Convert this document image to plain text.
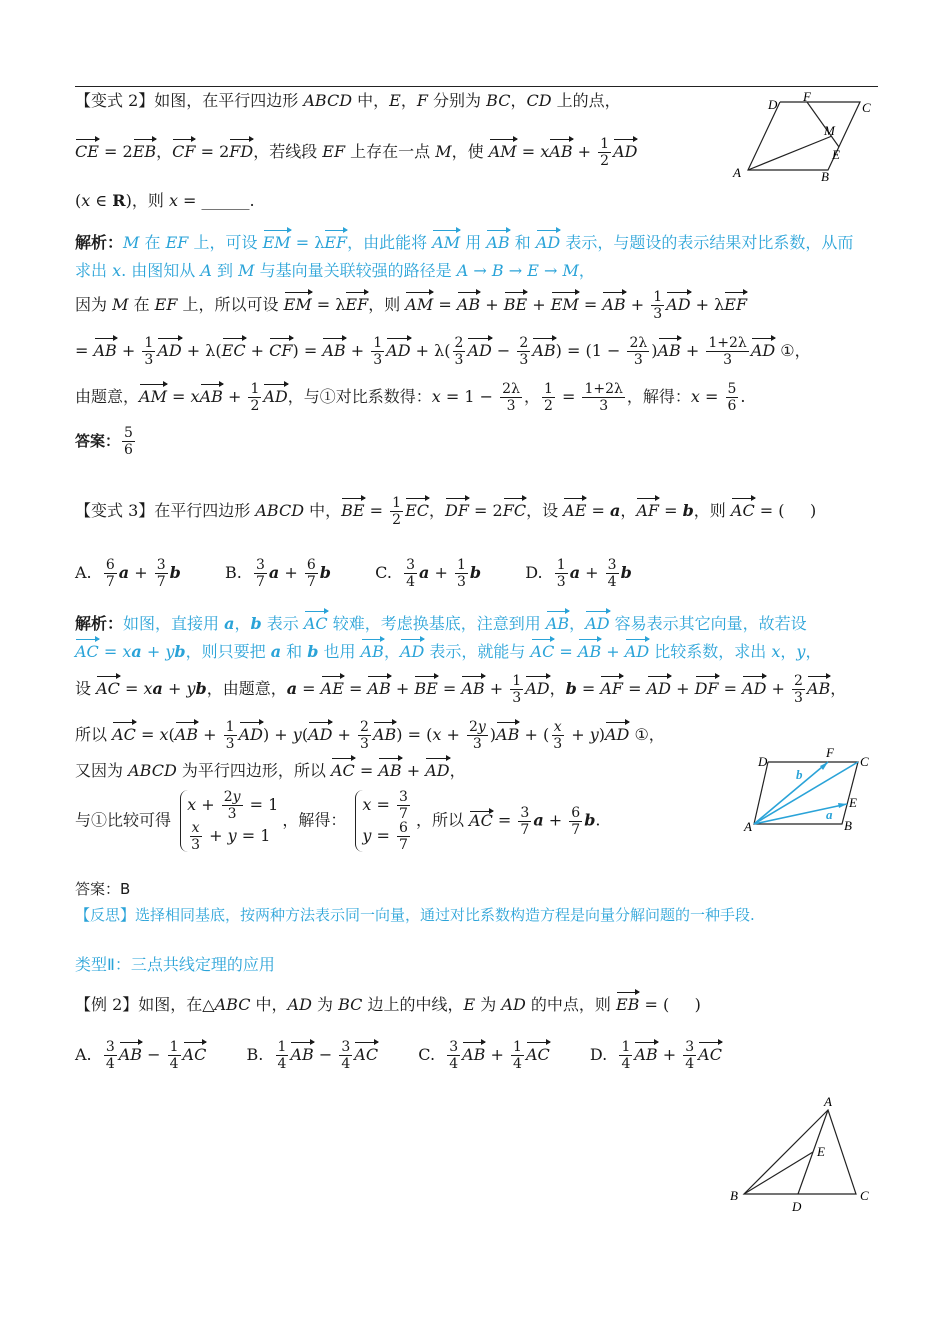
【变式 2】如图，在平行四边形 ABCD 中，E，F 分别为 BC，CD 上的点，
CE = 2EB，CF = 2FD，若线段 EF 上存在一点 M，使 AM = xAB + $\frac{1}{2}$ AD
(x ∈ R)，则 x = ______.
D
F
C
M
E
A	B
解析：M 在 EF 上，可设 EM = λEF，由此能将 AM 用 AB 和 AD 表示，与题设的表示结果对比系数，从而
求出 x. 由图知从 A 到 M 与基向量关联较强的路径是 A → B → E → M，
因为 M 在 EF 上，所以可设 EM = λEF，则 AM = AB + BE + EM = AB + $\frac{1}{3}$ AD + λEF
= AB + $\frac{1}{3}$ AD + λ(EC + CF) = AB + $\frac{1}{3}$ AD + $\lambda( \frac{2}{3}$ AD − $\frac{2}{3} AB) = (1 - \frac{2\lambda}{3} )AB + \frac{1+2\lambda}{3}$ AD ①，
由题意，AM = xAB + $\frac{1}{2}$ AD，与①对比系数得：$x = 1 - \frac{2\lambda}{3}$ ， $\frac{1}{2} = \frac{1+2\lambda}{3}$ ，解得：$x = \frac{5}{6}$ .
答案： $\frac{5}{6}$
【变式 3】在平行四边形 ABCD 中，BE = $\frac{1}{2}$ EC，DF = 2FC，设 AE = a，AF = b，则 AC = (     )
A. $\frac{6}{7}$ $a + \frac{3}{7}$ b	B. $\frac{3}{7}$ $a + \frac{6}{7}$ b	C. $\frac{3}{4}$ $a + \frac{1}{3}$ b	D. $\frac{1}{3}$ $a + \frac{3}{4}$ b
解析：如图，直接用 a，b 表示 AC 较难，考虑换基底，注意到用 AB，AD 容易表示其它向量，故若设
AC = xa + yb，则只要把 a 和 b 也用 AB，AD 表示，就能与 AC = AB + AD 比较系数，求出 x，y，
设 AC = xa + yb，由题意，a = AE = AB + BE = AB + $\frac{1}{3}$ AD，b = AF = AD + DF = AD + $\frac{2}{3}$ AB，
所以 AC = $x(AB + \frac{1}{3} AD) + y(AD + \frac{2}{3} AB) = (x + \frac{2y}{3} )AB$ + ( $\frac{x}{3} + y)AD$ ①，
又因为 ABCD 为平行四边形，所以 AC = AB + AD，
与①比较可得
$x + \frac{2y}{3} = 1$
$\frac{x}{3} + y = 1$
，解得：
$x = \frac{3}{7}$
$y = \frac{6}{7}$
，所以 AC = $\frac{3}{7}$ $a + \frac{6}{7} b$.
D
F
C
b
E
a
A	B
答案：B
【反思】选择相同基底，按两种方法表示同一向量，通过对比系数构造方程是向量分解问题的一种手段.
类型Ⅱ：三点共线定理的应用
【例 2】如图，在△ABC 中，AD 为 BC 边上的中线，E 为 AD 的中点，则 EB = (     )
A. $\frac{3}{4}$ AB − $\frac{1}{4}$ AC	B. $\frac{1}{4}$ AB − $\frac{3}{4}$ AC	C. $\frac{3}{4}$ AB + $\frac{1}{4}$ AC	D. $\frac{1}{4}$ AB + $\frac{3}{4}$ AC
A
E
B
D
C
